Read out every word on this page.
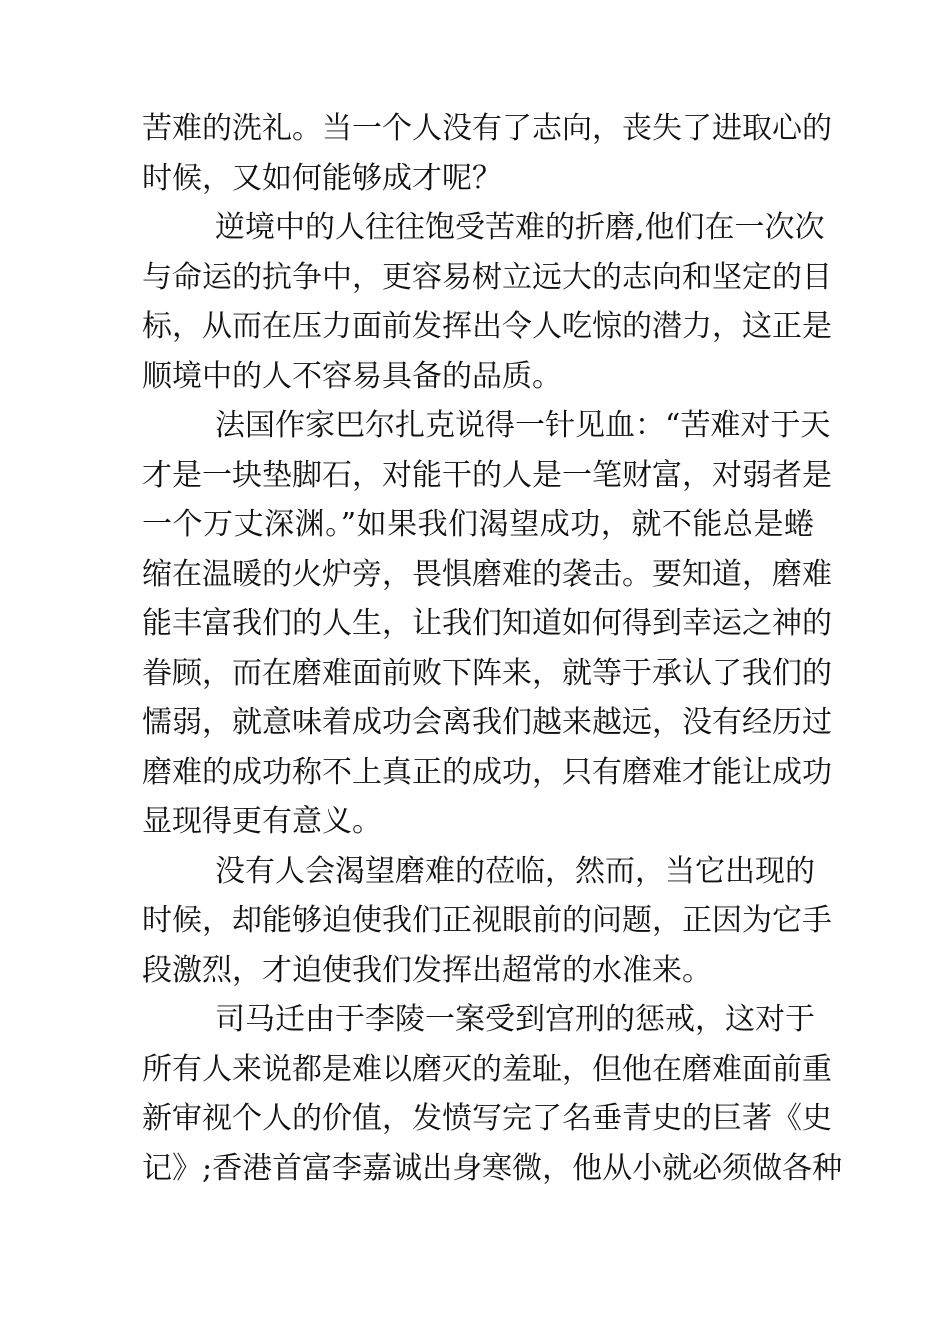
苦难的洗礼。当一个人没有了志向，丧失了进取心的
时候，又如何能够成才呢？
逆境中的人往往饱受苦难的折磨,他们在一次次
与命运的抗争中，更容易树立远大的志向和坚定的目
标，从而在压力面前发挥出令人吃惊的潜力，这正是
顺境中的人不容易具备的品质。
法国作家巴尔扎克说得一针见血：“苦难对于天
才是一块垫脚石，对能干的人是一笔财富，对弱者是
一个万丈深渊。”如果我们渴望成功，就不能总是蜷
缩在温暖的火炉旁，畏惧磨难的袭击。要知道，磨难
能丰富我们的人生，让我们知道如何得到幸运之神的
眷顾，而在磨难面前败下阵来，就等于承认了我们的
懦弱，就意味着成功会离我们越来越远，没有经历过
磨难的成功称不上真正的成功，只有磨难才能让成功
显现得更有意义。
没有人会渴望磨难的莅临，然而，当它出现的
时候，却能够迫使我们正视眼前的问题，正因为它手
段激烈，才迫使我们发挥出超常的水准来。
司马迁由于李陵一案受到宫刑的惩戒，这对于
所有人来说都是难以磨灭的羞耻，但他在磨难面前重
新审视个人的价值，发愤写完了名垂青史的巨著《史
记》;香港首富李嘉诚出身寒微，他从小就必须做各种
